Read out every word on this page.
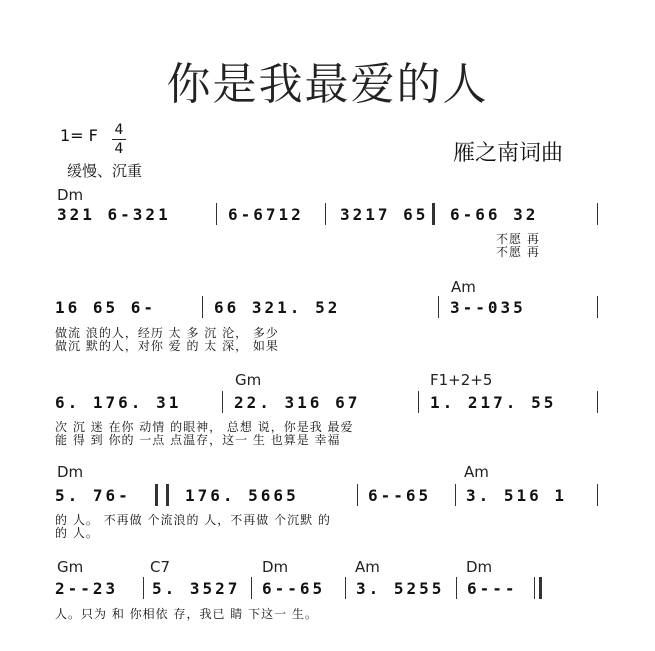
你是我最爱的人
1= F 4
4
缓慢、沉重
雁之南词曲
Dm
321 6-321	6-6712 3217 65 6-66 32
不愿 再
不愿 再
Am
16 65 6-	66 321. 52	3--035
做流 浪的人，经历 太 多 沉 沦， 多少
做沉 默的人，对你 爱 的 太 深， 如果
Gm	F1+2+5
6. 176. 31	22. 316 67	1. 217. 55
次 沉 迷 在你 动情 的眼神， 总想 说，你是我 最爱
能 得 到 你的 一点 点温存，这一 生 也算是 幸福
Dm	Am
5. 76-	176. 5665	6--65 3. 516 1
的 人。 不再做 个流浪的 人，不再做 个沉默 的
的 人。
Gm	C7	Dm	Am	Dm
2--23 5. 3527 6--65 3. 5255 6---
人。只为 和 你相依 存，我已 睛 下这一 生。
